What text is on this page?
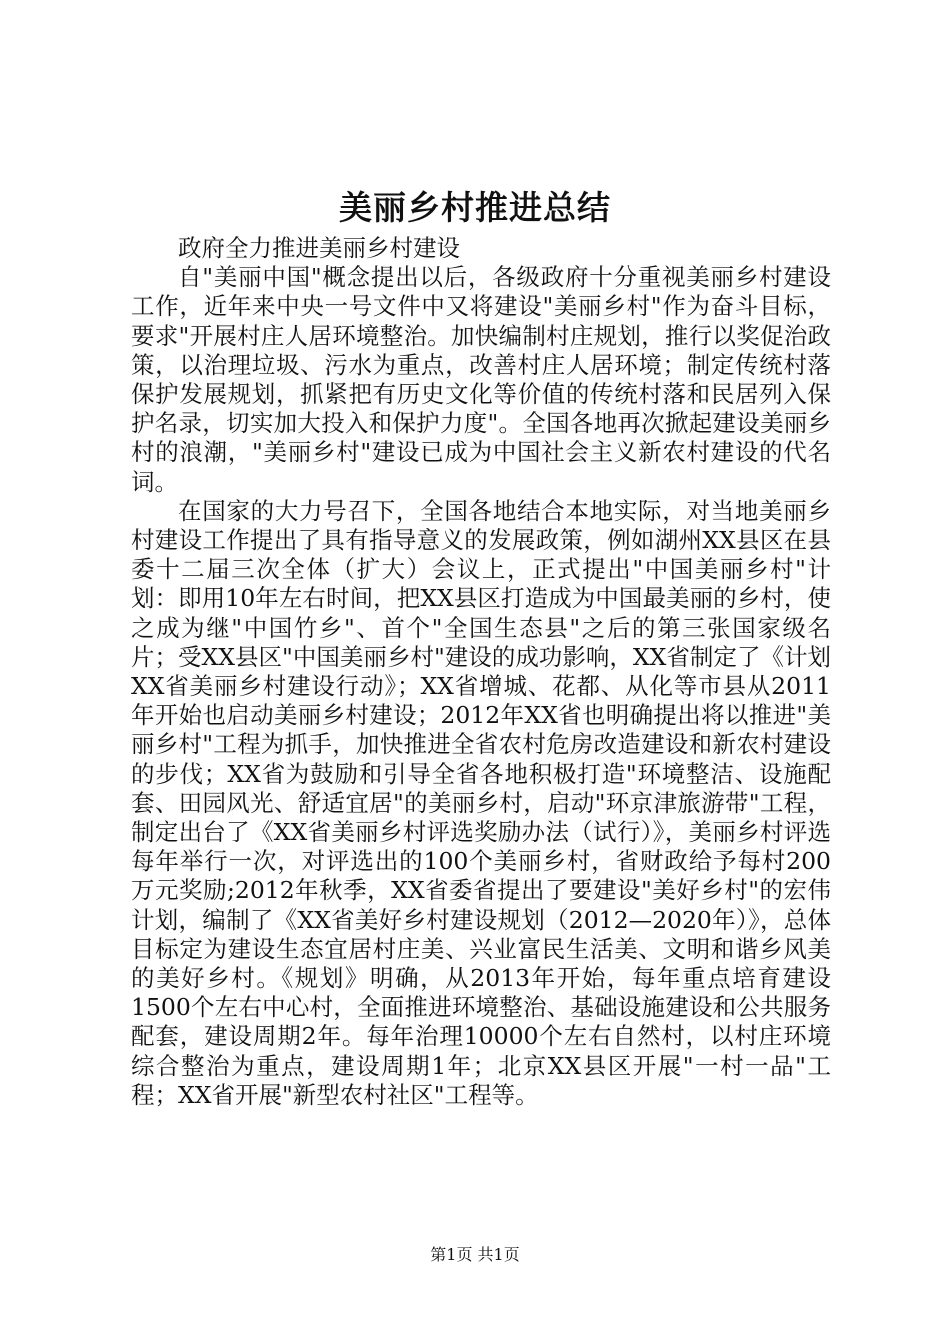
美丽乡村推进总结

政府全力推进美丽乡村建设

自"美丽中国"概念提出以后，各级政府十分重视美丽乡村建设工作，近年来中央一号文件中又将建设"美丽乡村"作为奋斗目标，要求"开展村庄人居环境整治。加快编制村庄规划，推行以奖促治政策，以治理垃圾、污水为重点，改善村庄人居环境；制定传统村落保护发展规划，抓紧把有历史文化等价值的传统村落和民居列入保护名录，切实加大投入和保护力度"。全国各地再次掀起建设美丽乡村的浪潮，"美丽乡村"建设已成为中国社会主义新农村建设的代名词。

在国家的大力号召下，全国各地结合本地实际，对当地美丽乡村建设工作提出了具有指导意义的发展政策，例如湖州XX县区在县委十二届三次全体（扩大）会议上，正式提出"中国美丽乡村"计划：即用10年左右时间，把XX县区打造成为中国最美丽的乡村，使之成为继"中国竹乡"、首个"全国生态县"之后的第三张国家级名片；受XX县区"中国美丽乡村"建设的成功影响，XX省制定了《计划XX省美丽乡村建设行动》；XX省增城、花都、从化等市县从2011年开始也启动美丽乡村建设；2012年XX省也明确提出将以推进"美丽乡村"工程为抓手，加快推进全省农村危房改造建设和新农村建设的步伐；XX省为鼓励和引导全省各地积极打造"环境整洁、设施配套、田园风光、舒适宜居"的美丽乡村，启动"环京津旅游带"工程，制定出台了《XX省美丽乡村评选奖励办法（试行）》，美丽乡村评选每年举行一次，对评选出的100个美丽乡村，省财政给予每村200万元奖励;2012年秋季，XX省委省提出了要建设"美好乡村"的宏伟计划，编制了《XX省美好乡村建设规划（2012—2020年）》，总体目标定为建设生态宜居村庄美、兴业富民生活美、文明和谐乡风美的美好乡村。《规划》明确，从2013年开始，每年重点培育建设1500个左右中心村，全面推进环境整治、基础设施建设和公共服务配套，建设周期2年。每年治理10000个左右自然村，以村庄环境综合整治为重点，建设周期1年；北京XX县区开展"一村一品"工程；XX省开展"新型农村社区"工程等。

第1页 共1页
